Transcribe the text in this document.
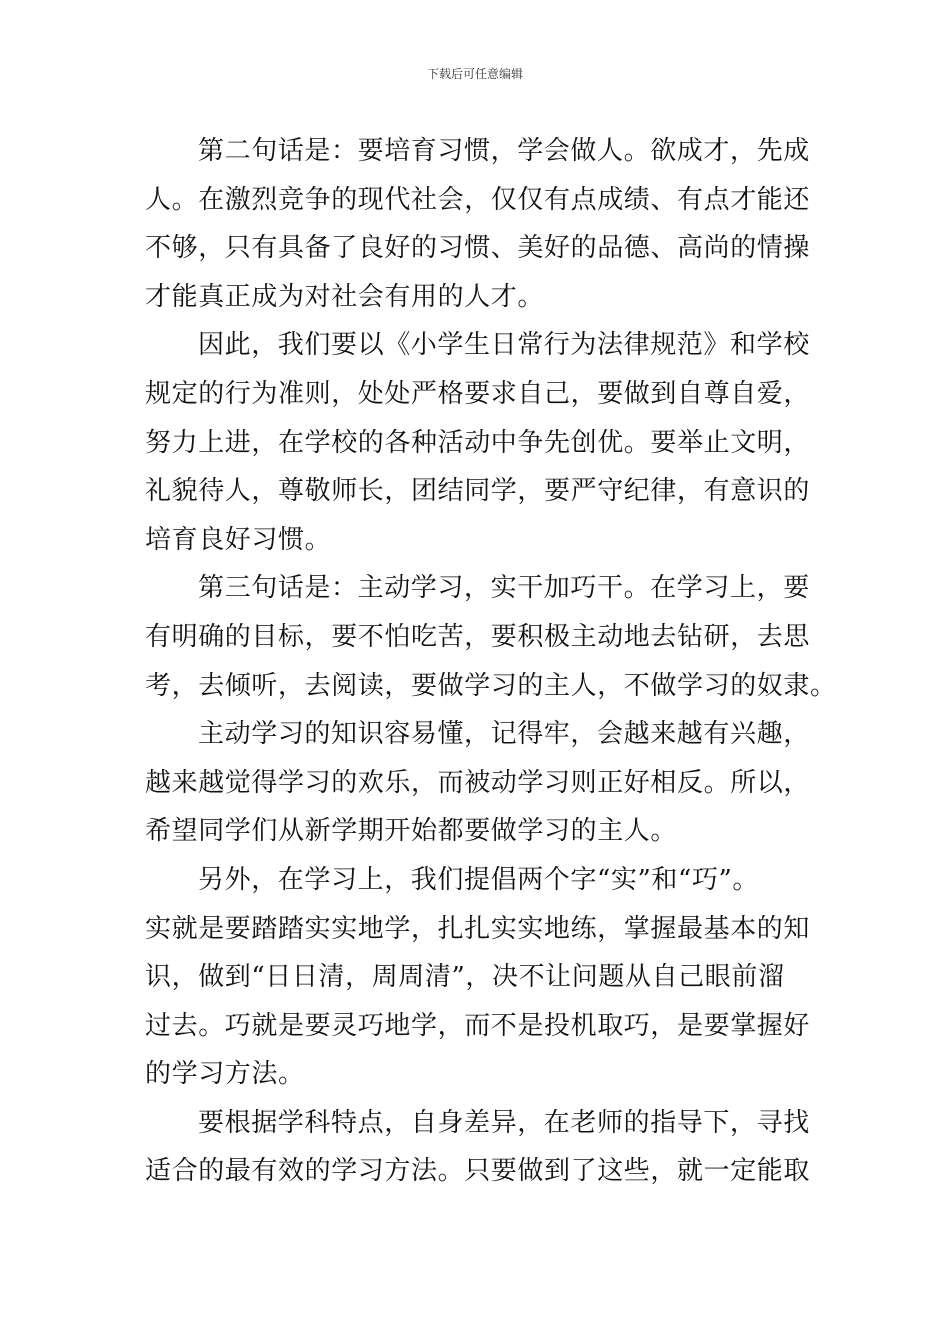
下载后可任意编辑
第二句话是：要培育习惯，学会做人。欲成才，先成
人。在激烈竞争的现代社会，仅仅有点成绩、有点才能还
不够，只有具备了良好的习惯、美好的品德、高尚的情操
才能真正成为对社会有用的人才。
因此，我们要以《小学生日常行为法律规范》和学校
规定的行为准则，处处严格要求自己，要做到自尊自爱，
努力上进，在学校的各种活动中争先创优。要举止文明，
礼貌待人，尊敬师长，团结同学，要严守纪律，有意识的
培育良好习惯。
第三句话是：主动学习，实干加巧干。在学习上，要
有明确的目标，要不怕吃苦，要积极主动地去钻研，去思
考，去倾听，去阅读，要做学习的主人，不做学习的奴隶。
主动学习的知识容易懂，记得牢，会越来越有兴趣，
越来越觉得学习的欢乐，而被动学习则正好相反。所以，
希望同学们从新学期开始都要做学习的主人。
另外，在学习上，我们提倡两个字“实”和“巧”。
实就是要踏踏实实地学，扎扎实实地练，掌握最基本的知
识，做到“日日清，周周清”，决不让问题从自己眼前溜
过去。巧就是要灵巧地学，而不是投机取巧，是要掌握好
的学习方法。
要根据学科特点，自身差异，在老师的指导下，寻找
适合的最有效的学习方法。只要做到了这些，就一定能取
